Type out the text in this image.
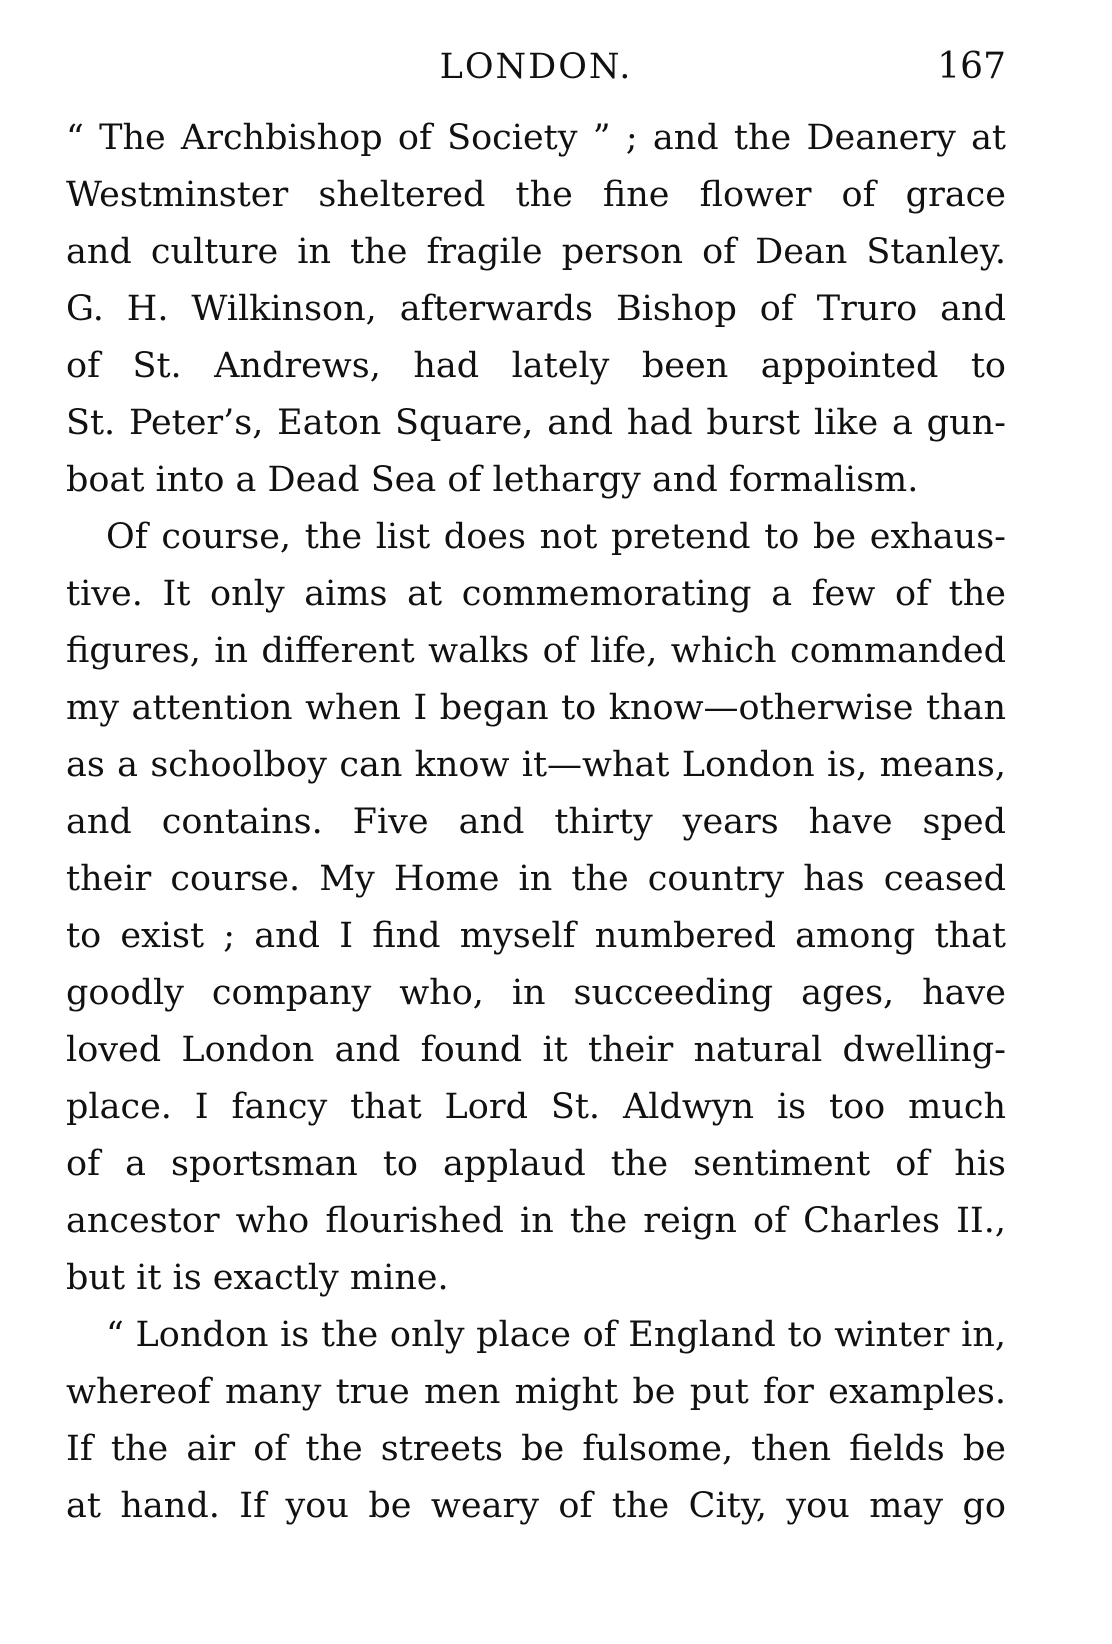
LONDON.	167
“ The Archbishop of Society ” ; and the Deanery at
Westminster sheltered the fine flower of grace
and culture in the fragile person of Dean Stanley.
G. H. Wilkinson, afterwards Bishop of Truro and
of St. Andrews, had lately been appointed to
St. Peter’s, Eaton Square, and had burst like a gun-
boat into a Dead Sea of lethargy and formalism.
Of course, the list does not pretend to be exhaus-
tive. It only aims at commemorating a few of the
figures, in different walks of life, which commanded
my attention when I began to know—otherwise than
as a schoolboy can know it—what London is, means,
and contains. Five and thirty years have sped
their course. My Home in the country has ceased
to exist ; and I find myself numbered among that
goodly company who, in succeeding ages, have
loved London and found it their natural dwelling-
place. I fancy that Lord St. Aldwyn is too much
of a sportsman to applaud the sentiment of his
ancestor who flourished in the reign of Charles II.,
but it is exactly mine.
“ London is the only place of England to winter in,
whereof many true men might be put for examples.
If the air of the streets be fulsome, then fields be
at hand. If you be weary of the City, you may go
